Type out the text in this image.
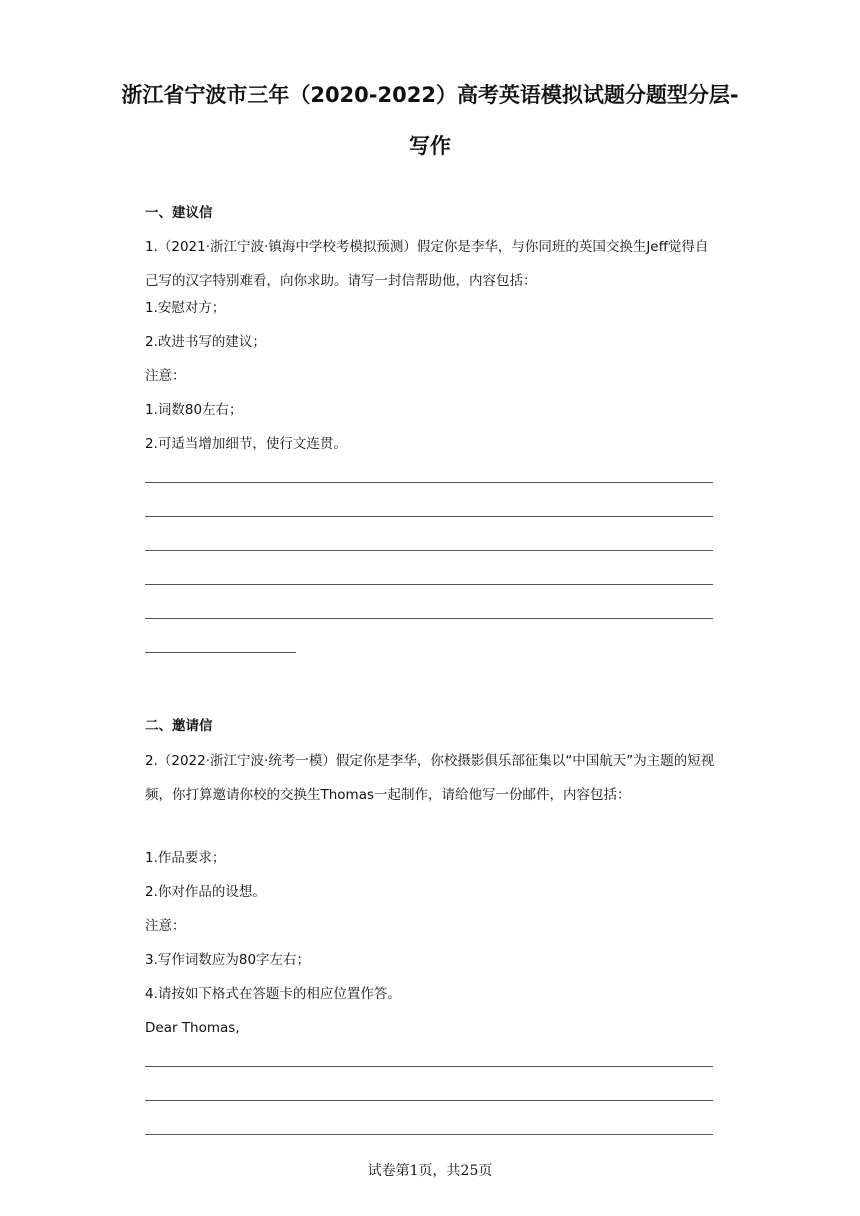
浙江省宁波市三年（2020-2022）高考英语模拟试题分题型分层-写作
一、建议信
1.（2021·浙江宁波·镇海中学校考模拟预测）假定你是李华，与你同班的英国交换生Jeff觉得自己写的汉字特别难看，向你求助。请写一封信帮助他，内容包括：
1.安慰对方；
2.改进书写的建议；
注意：
1.词数80左右；
2.可适当增加细节，使行文连贯。
二、邀请信
2.（2022·浙江宁波·统考一模）假定你是李华，你校摄影俱乐部征集以“中国航天”为主题的短视频，你打算邀请你校的交换生Thomas一起制作，请给他写一份邮件，内容包括：
1.作品要求；
2.你对作品的设想。
注意：
3.写作词数应为80字左右；
4.请按如下格式在答题卡的相应位置作答。
Dear Thomas,
试卷第1页，共25页
